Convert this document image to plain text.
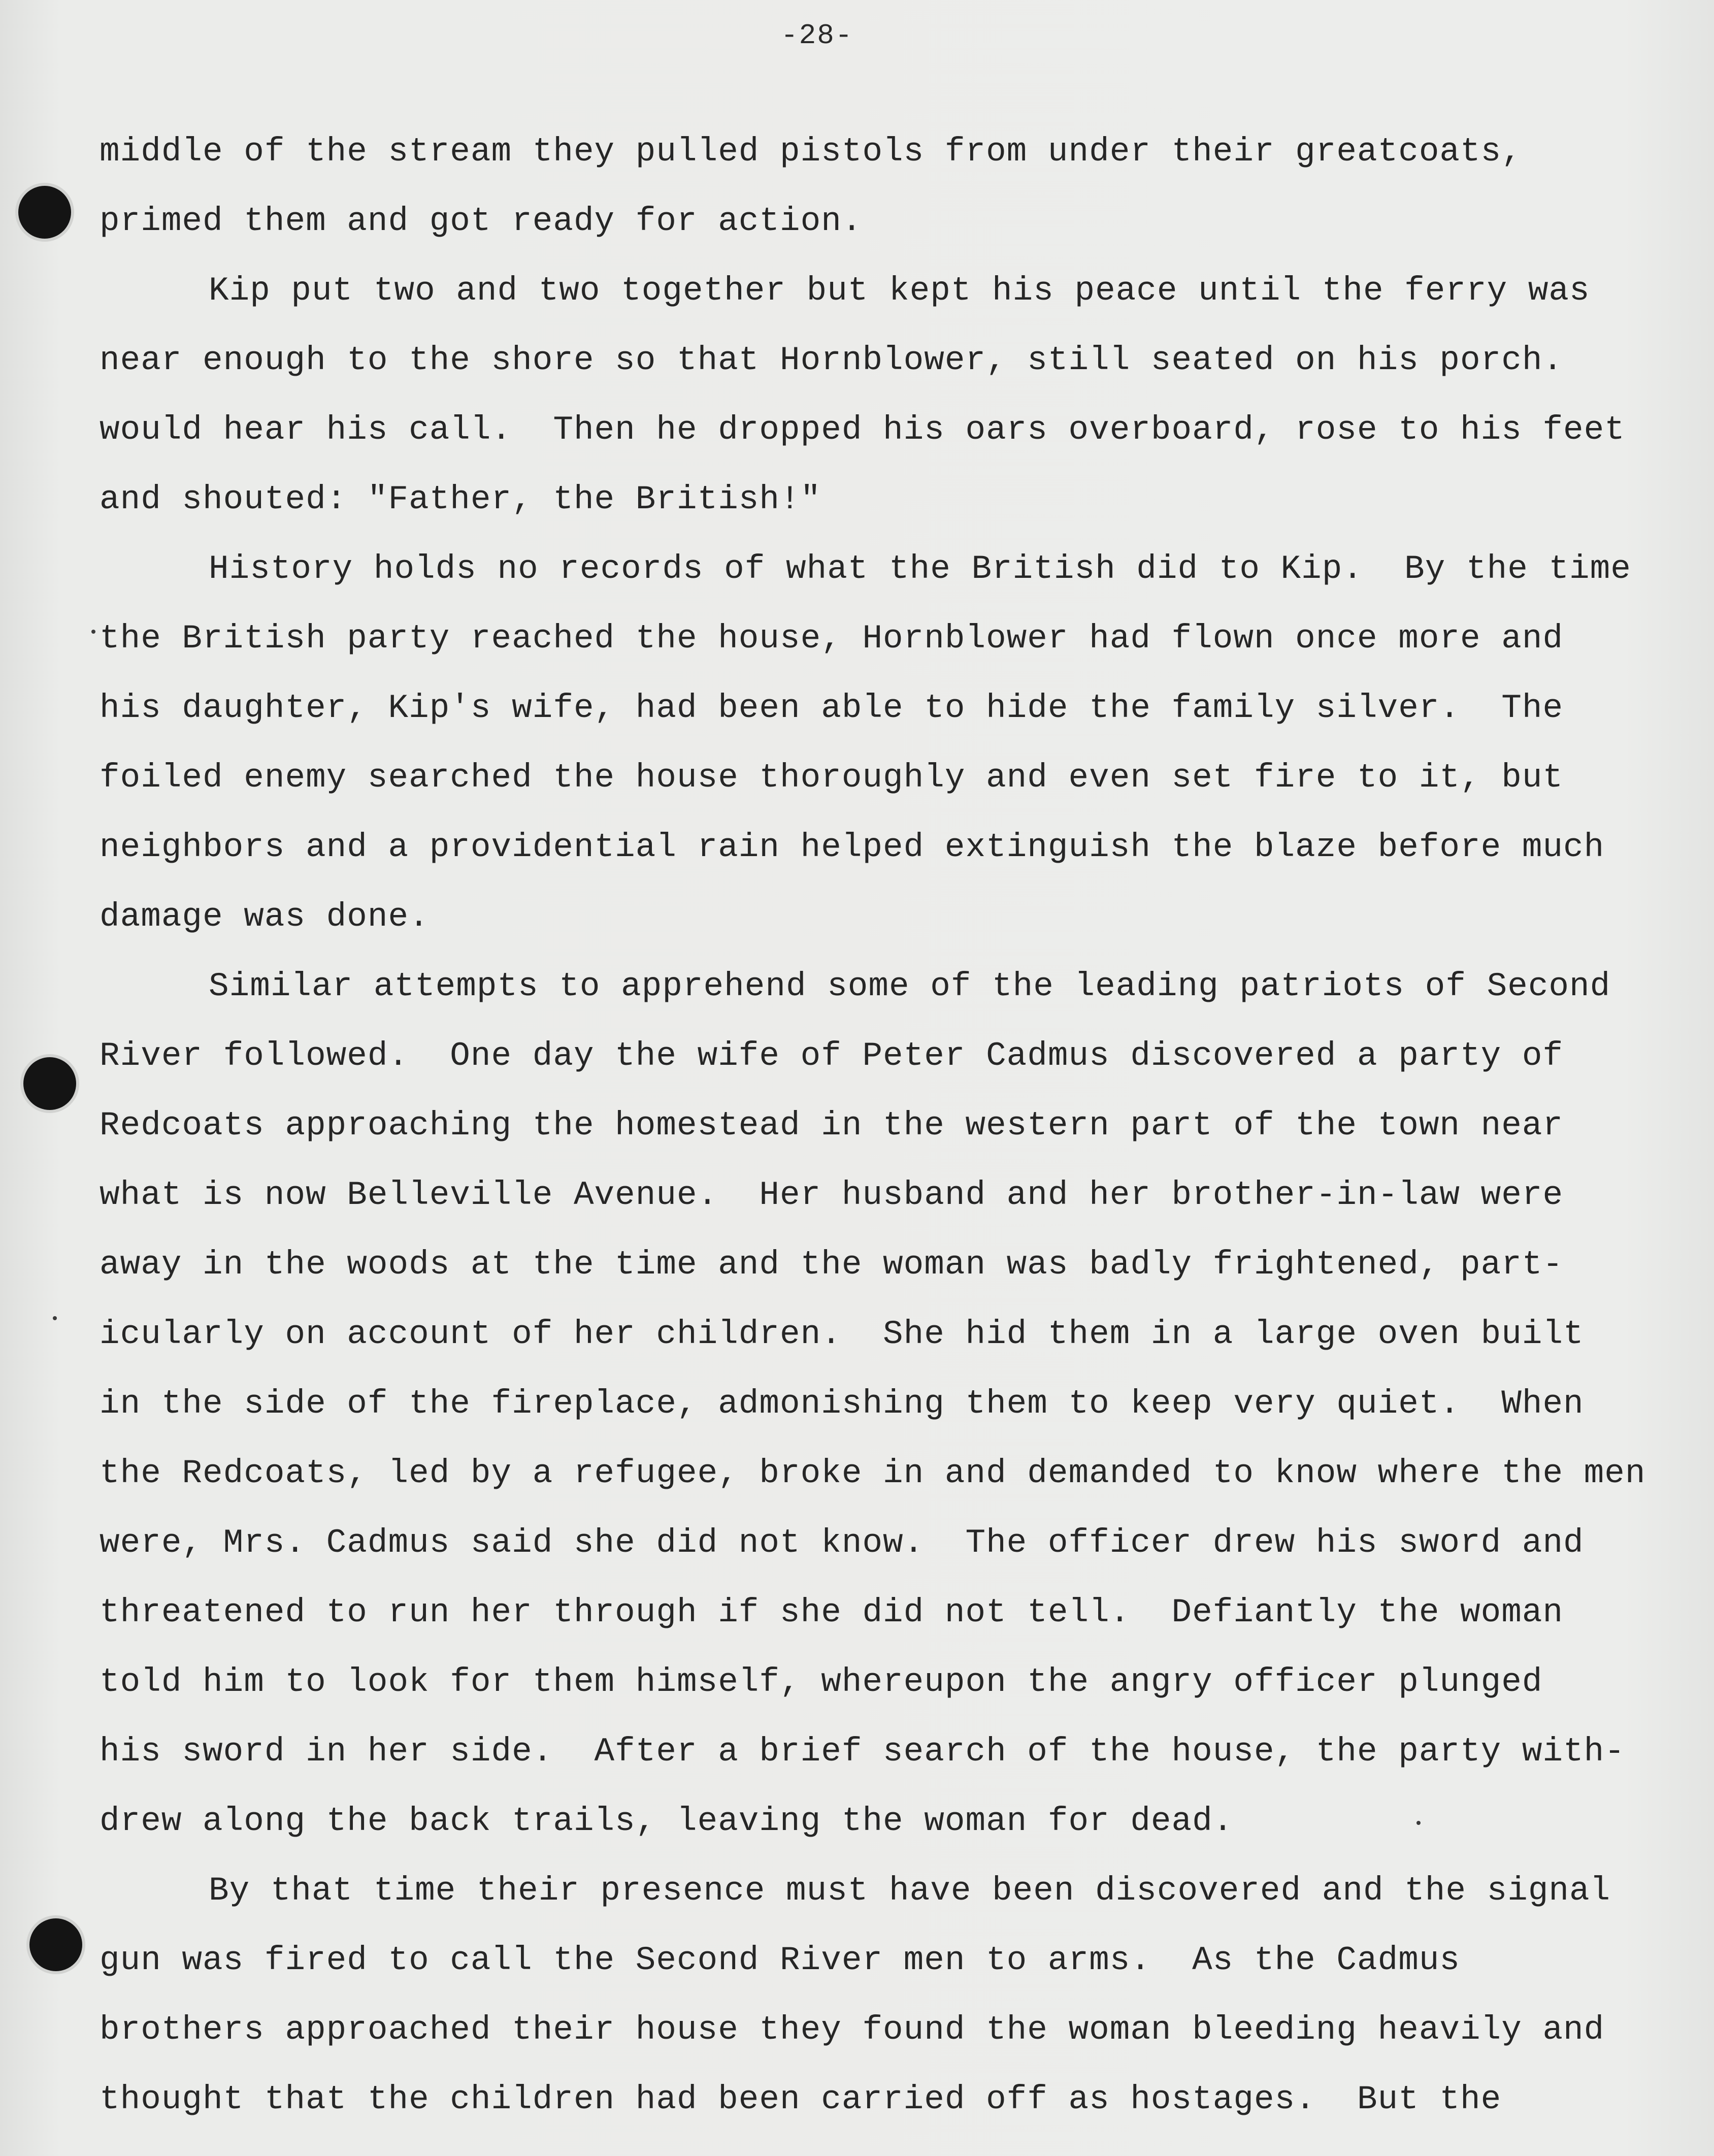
-28-
middle of the stream they pulled pistols from under their greatcoats,
primed them and got ready for action.
Kip put two and two together but kept his peace until the ferry was
near enough to the shore so that Hornblower, still seated on his porch.
would hear his call.  Then he dropped his oars overboard, rose to his feet
and shouted: "Father, the British!"
History holds no records of what the British did to Kip.  By the time
the British party reached the house, Hornblower had flown once more and
his daughter, Kip's wife, had been able to hide the family silver.  The
foiled enemy searched the house thoroughly and even set fire to it, but
neighbors and a providential rain helped extinguish the blaze before much
damage was done.
Similar attempts to apprehend some of the leading patriots of Second
River followed.  One day the wife of Peter Cadmus discovered a party of
Redcoats approaching the homestead in the western part of the town near
what is now Belleville Avenue.  Her husband and her brother-in-law were
away in the woods at the time and the woman was badly frightened, part-
icularly on account of her children.  She hid them in a large oven built
in the side of the fireplace, admonishing them to keep very quiet.  When
the Redcoats, led by a refugee, broke in and demanded to know where the men
were, Mrs. Cadmus said she did not know.  The officer drew his sword and
threatened to run her through if she did not tell.  Defiantly the woman
told him to look for them himself, whereupon the angry officer plunged
his sword in her side.  After a brief search of the house, the party with-
drew along the back trails, leaving the woman for dead.
By that time their presence must have been discovered and the signal
gun was fired to call the Second River men to arms.  As the Cadmus
brothers approached their house they found the woman bleeding heavily and
thought that the children had been carried off as hostages.  But the
